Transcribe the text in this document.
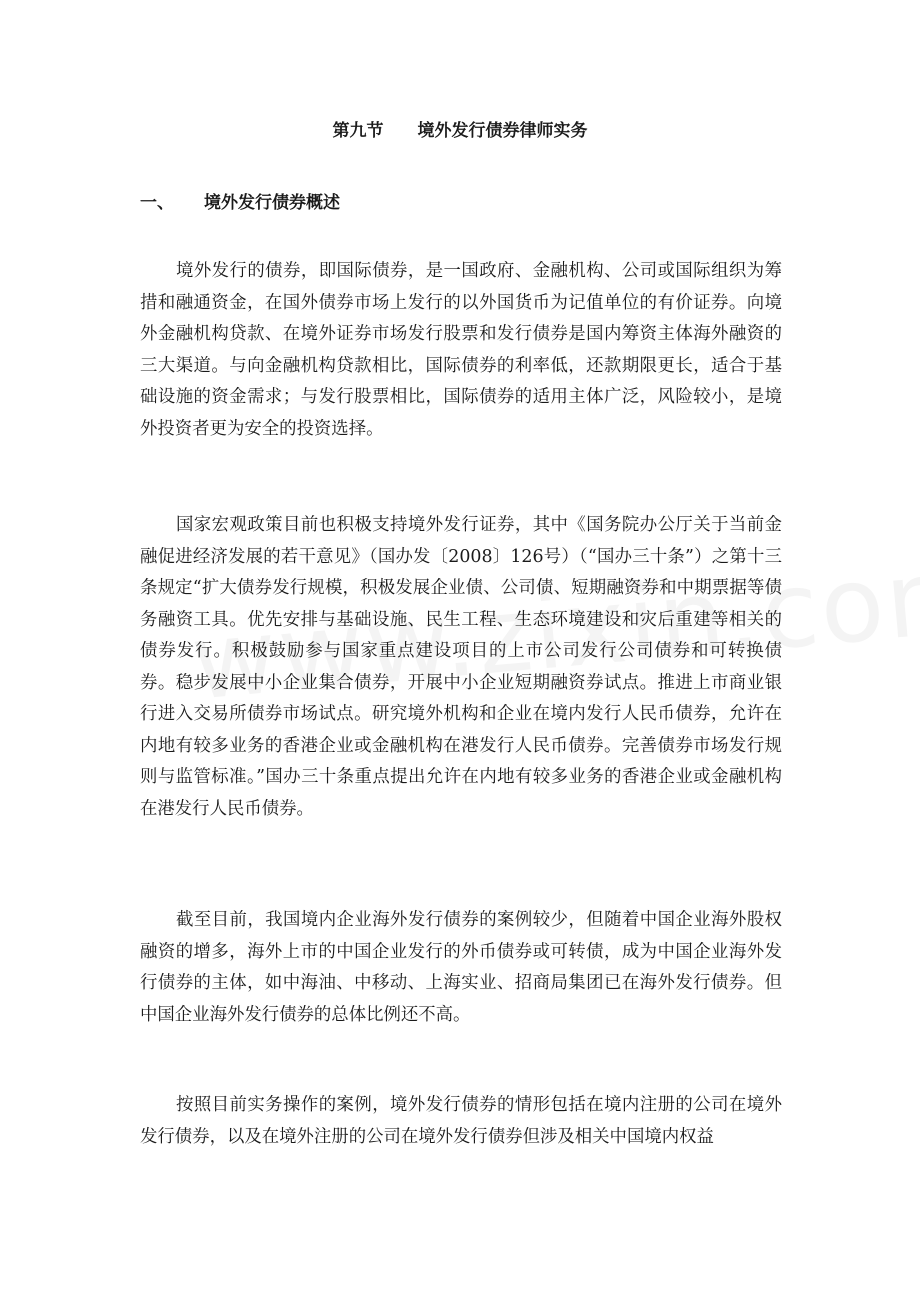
第九节 境外发行债券律师实务
一、 境外发行债券概述

境外发行的债券，即国际债券，是一国政府、金融机构、公司或国际组织为筹措和融通资金，在国外债券市场上发行的以外国货币为记值单位的有价证券。向境外金融机构贷款、在境外证券市场发行股票和发行债券是国内筹资主体海外融资的三大渠道。与向金融机构贷款相比，国际债券的利率低，还款期限更长，适合于基础设施的资金需求；与发行股票相比，国际债券的适用主体广泛，风险较小，是境外投资者更为安全的投资选择。

国家宏观政策目前也积极支持境外发行证券，其中《国务院办公厅关于当前金融促进经济发展的若干意见》（国办发〔2008〕126号）（“国办三十条”）之第十三条规定“扩大债券发行规模，积极发展企业债、公司债、短期融资券和中期票据等债务融资工具。优先安排与基础设施、民生工程、生态环境建设和灾后重建等相关的债券发行。积极鼓励参与国家重点建设项目的上市公司发行公司债券和可转换债券。稳步发展中小企业集合债券，开展中小企业短期融资券试点。推进上市商业银行进入交易所债券市场试点。研究境外机构和企业在境内发行人民币债券，允许在内地有较多业务的香港企业或金融机构在港发行人民币债券。完善债券市场发行规则与监管标准。”国办三十条重点提出允许在内地有较多业务的香港企业或金融机构在港发行人民币债券。

截至目前，我国境内企业海外发行债券的案例较少，但随着中国企业海外股权融资的增多，海外上市的中国企业发行的外币债券或可转债，成为中国企业海外发行债券的主体，如中海油、中移动、上海实业、招商局集团已在海外发行债券。但中国企业海外发行债券的总体比例还不高。

按照目前实务操作的案例，境外发行债券的情形包括在境内注册的公司在境外发行债券，以及在境外注册的公司在境外发行债券但涉及相关中国境内权益
